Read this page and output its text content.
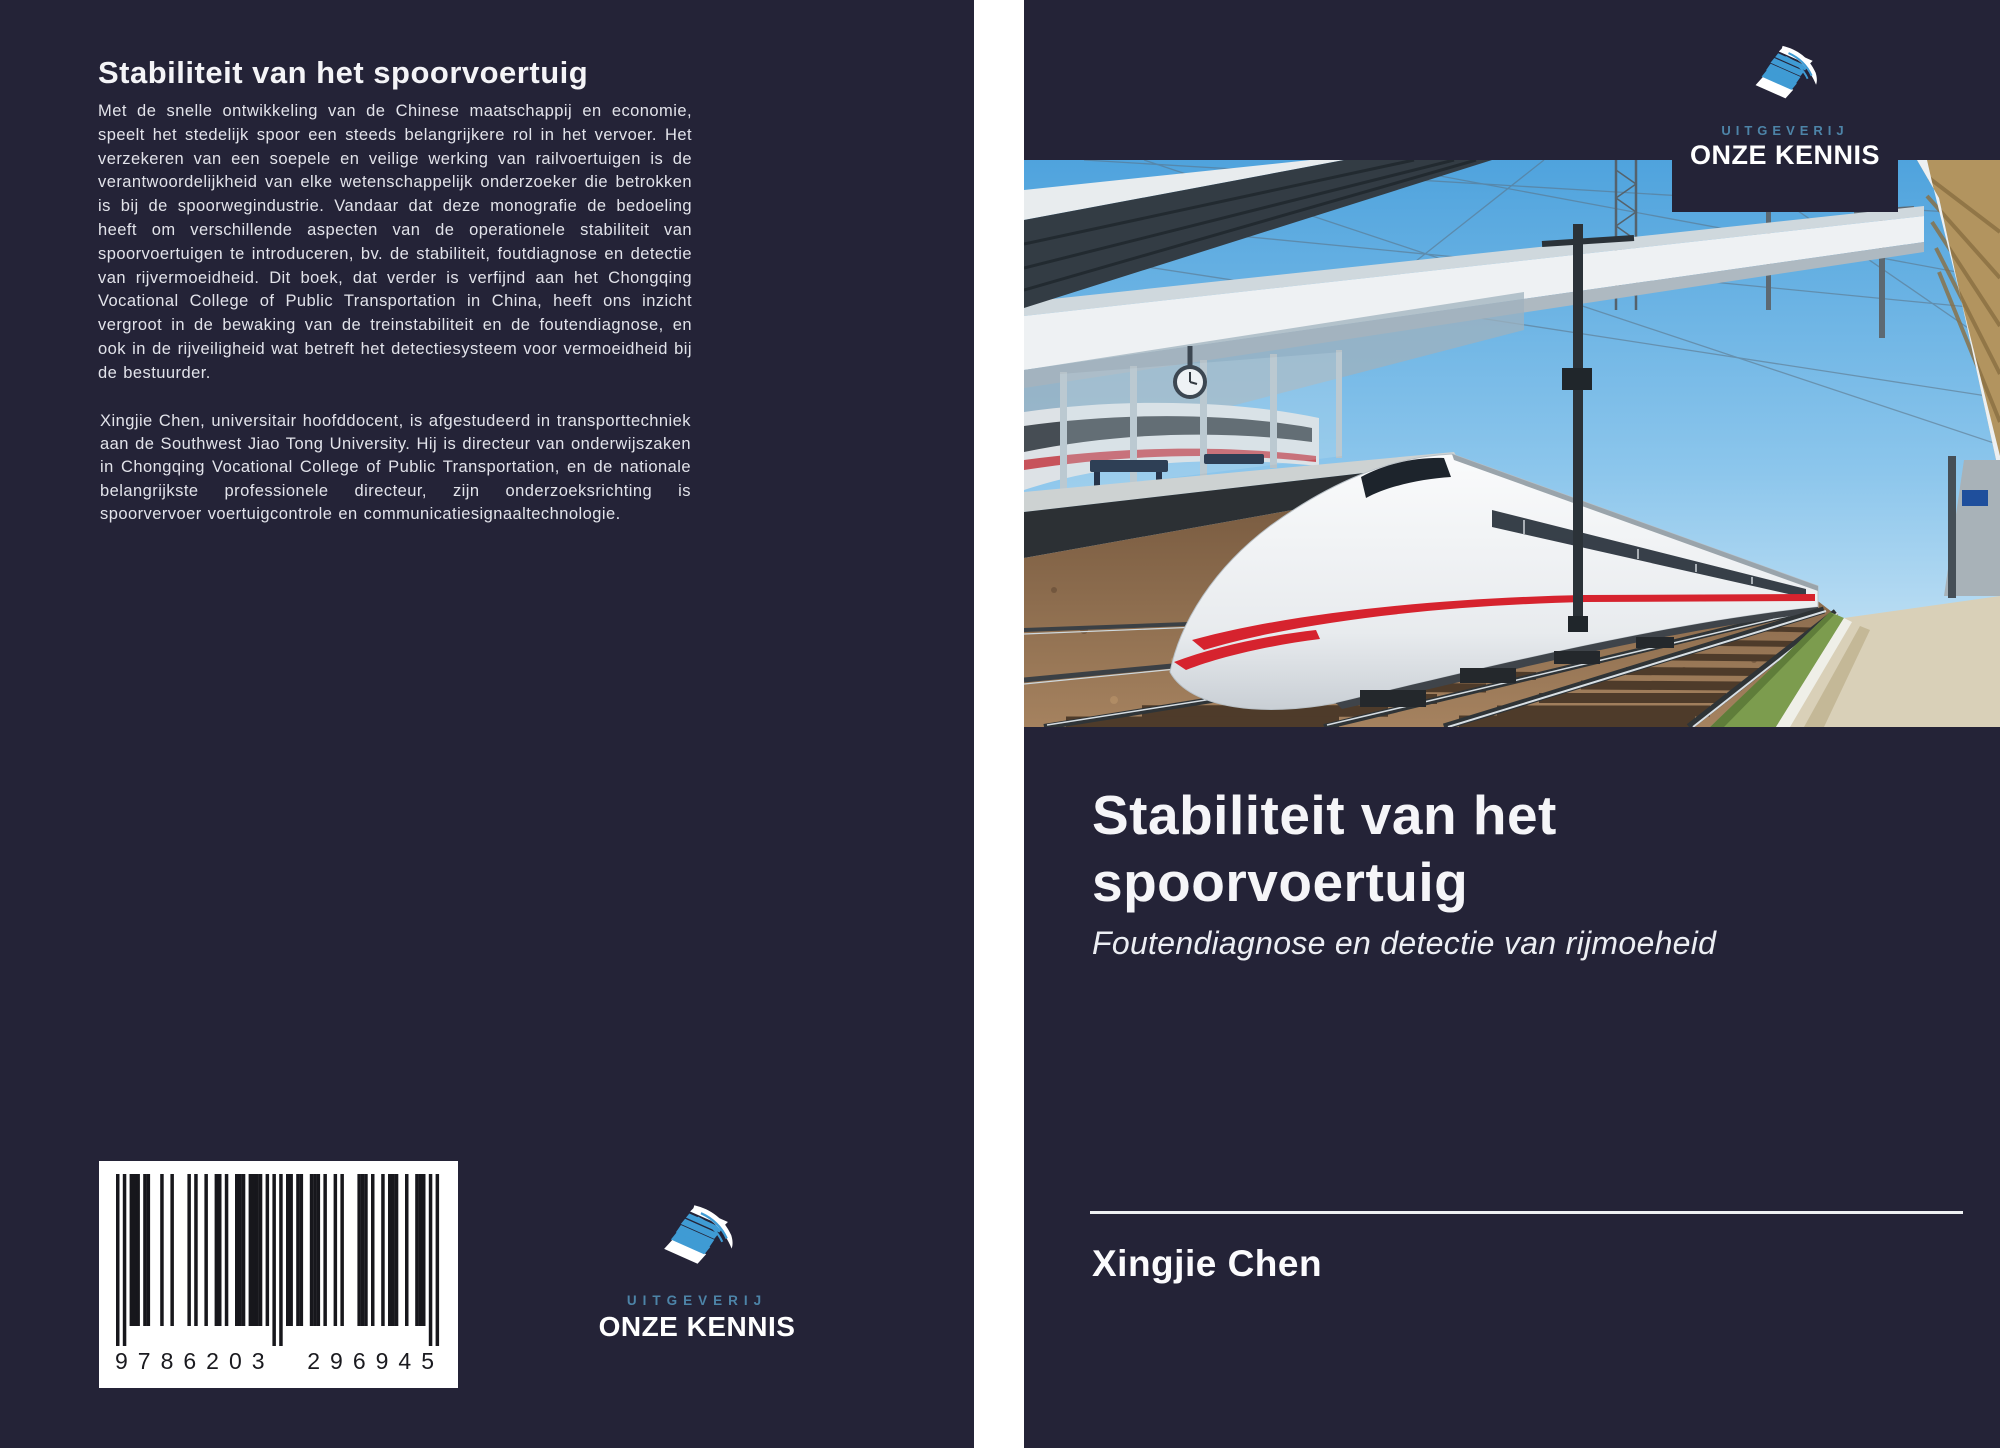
Stabiliteit van het spoorvoertuig

Met de snelle ontwikkeling van de Chinese maatschappij en economie, speelt het stedelijk spoor een steeds belangrijkere rol in het vervoer. Het verzekeren van een soepele en veilige werking van railvoertuigen is de verantwoordelijkheid van elke wetenschappelijk onderzoeker die betrokken is bij de spoorwegindustrie. Vandaar dat deze monografie de bedoeling heeft om verschillende aspecten van de operationele stabiliteit van spoorvoertuigen te introduceren, bv. de stabiliteit, foutdiagnose en detectie van rijvermoeidheid. Dit boek, dat verder is verfijnd aan het Chongqing Vocational College of Public Transportation in China, heeft ons inzicht vergroot in de bewaking van de treinstabiliteit en de foutendiagnose, en ook in de rijveiligheid wat betreft het detectiesysteem voor vermoeidheid bij de bestuurder.

Xingjie Chen, universitair hoofddocent, is afgestudeerd in transporttechniek aan de Southwest Jiao Tong University. Hij is directeur van onderwijszaken in Chongqing Vocational College of Public Transportation, en de nationale belangrijkste professionele directeur, zijn onderzoeksrichting is spoorvervoer voertuigcontrole en communicatiesignaaltechnologie.

9786203 296945
UITGEVERIJ
ONZE KENNIS
UITGEVERIJ
ONZE KENNIS
Stabiliteit van het
spoorvoertuig

Foutendiagnose en detectie van rijmoeheid

Xingjie Chen
